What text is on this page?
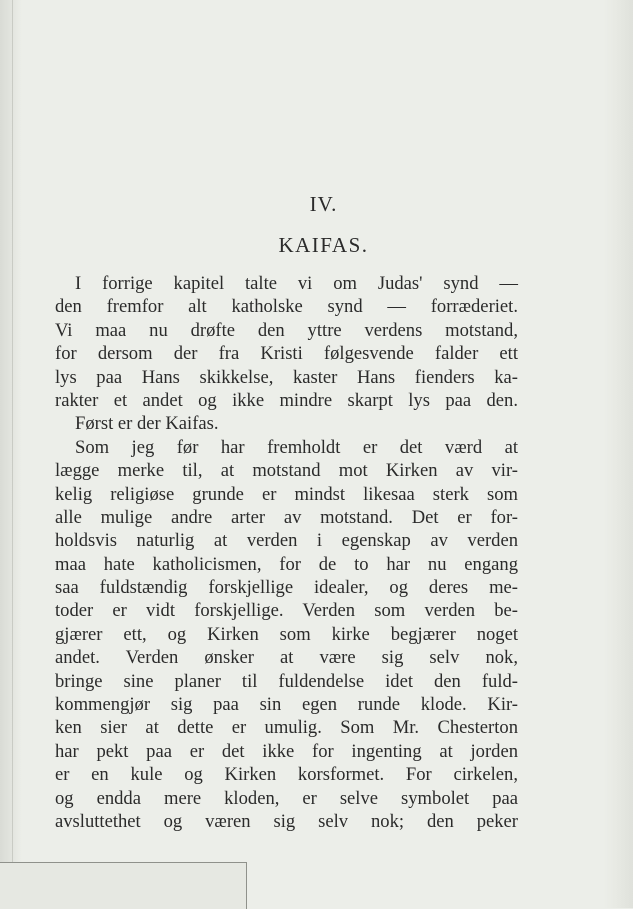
IV.
KAIFAS.
I forrige kapitel talte vi om Judas' synd —
den fremfor alt katholske synd — forræderiet.
Vi maa nu drøfte den yttre verdens motstand,
for dersom der fra Kristi følgesvende falder ett
lys paa Hans skikkelse, kaster Hans fienders ka-
rakter et andet og ikke mindre skarpt lys paa den.
Først er der Kaifas.
Som jeg før har fremholdt er det værd at
lægge merke til, at motstand mot Kirken av vir-
kelig religiøse grunde er mindst likesaa sterk som
alle mulige andre arter av motstand. Det er for-
holdsvis naturlig at verden i egenskap av verden
maa hate katholicismen, for de to har nu engang
saa fuldstændig forskjellige idealer, og deres me-
toder er vidt forskjellige. Verden som verden be-
gjærer ett, og Kirken som kirke begjærer noget
andet. Verden ønsker at være sig selv nok,
bringe sine planer til fuldendelse idet den fuld-
kommengjør sig paa sin egen runde klode. Kir-
ken sier at dette er umulig. Som Mr. Chesterton
har pekt paa er det ikke for ingenting at jorden
er en kule og Kirken korsformet. For cirkelen,
og endda mere kloden, er selve symbolet paa
avsluttethet og væren sig selv nok; den peker
